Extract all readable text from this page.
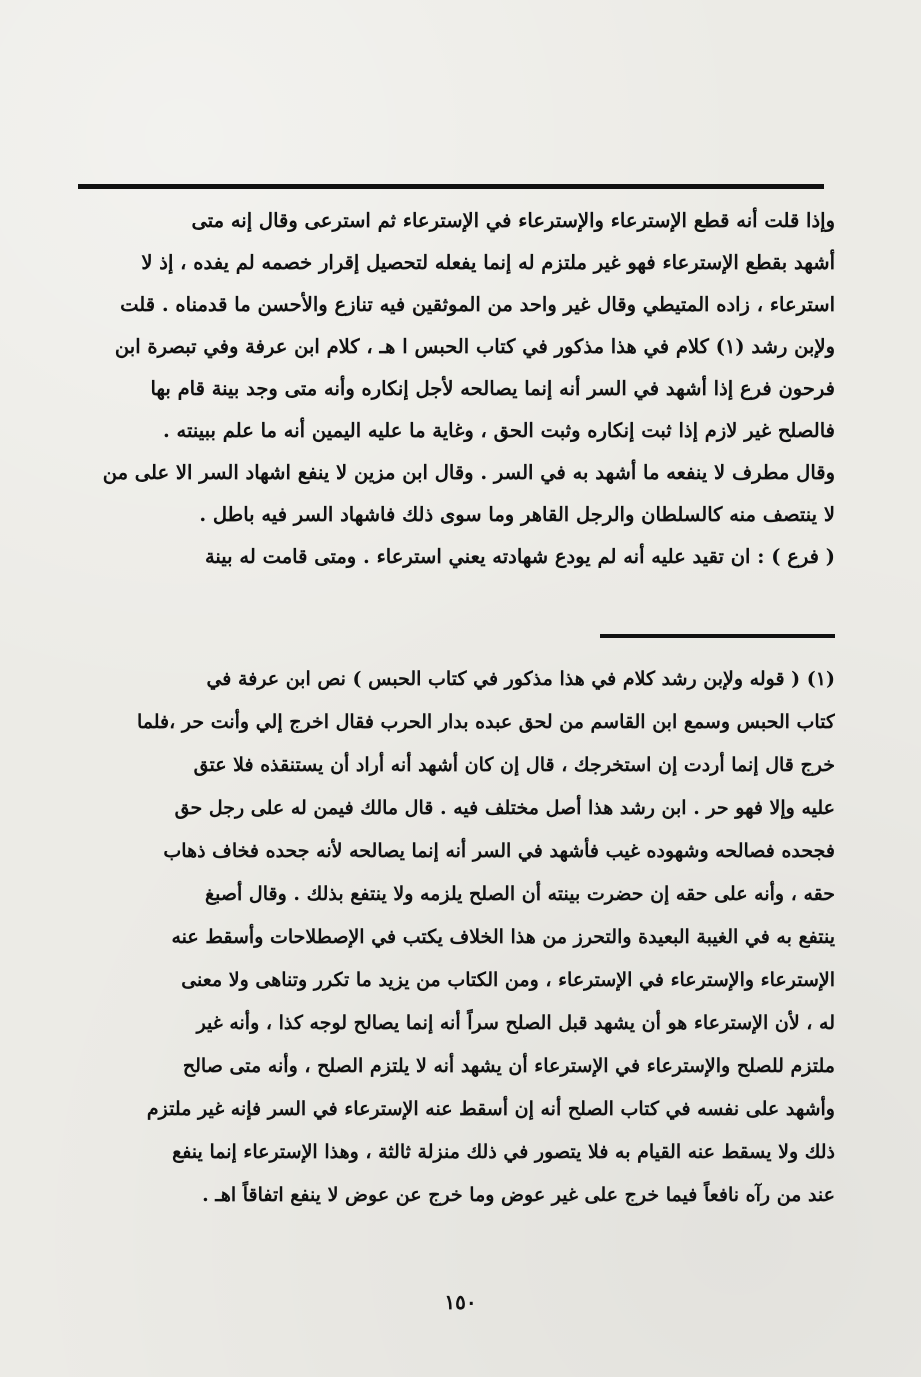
وإذا قلت أنه قطع الإسترعاء والإسترعاء في الإسترعاء ثم استرعى وقال إنه متى
أشهد بقطع الإسترعاء فهو غير ملتزم له إنما يفعله لتحصيل إقرار خصمه لم يفده ، إذ لا
استرعاء ، زاده المتيطي وقال غير واحد من الموثقين فيه تنازع والأحسن ما قدمناه . قلت
ولإبن رشد (١) كلام في هذا مذكور في كتاب الحبس ا هـ ، كلام ابن عرفة وفي تبصرة ابن
فرحون فرع إذا أشهد في السر أنه إنما يصالحه لأجل إنكاره وأنه متى وجد بينة قام بها
فالصلح غير لازم إذا ثبت إنكاره وثبت الحق ، وغاية ما عليه اليمين أنه ما علم ببينته .
وقال مطرف لا ينفعه ما أشهد به في السر . وقال ابن مزين لا ينفع اشهاد السر الا على من
لا ينتصف منه كالسلطان والرجل القاهر وما سوى ذلك فاشهاد السر فيه باطل .
( فرع ) : ان تقيد عليه أنه لم يودع شهادته يعني استرعاء . ومتى قامت له بينة
(١) ( قوله ولإبن رشد كلام في هذا مذكور في كتاب الحبس ) نص ابن عرفة في
كتاب الحبس وسمع ابن القاسم من لحق عبده بدار الحرب فقال اخرج إلي وأنت حر ،فلما
خرج قال إنما أردت إن استخرجك ، قال إن كان أشهد أنه أراد أن يستنقذه فلا عتق
عليه وإلا فهو حر . ابن رشد هذا أصل مختلف فيه . قال مالك فيمن له على رجل حق
فجحده فصالحه وشهوده غيب فأشهد في السر أنه إنما يصالحه لأنه جحده فخاف ذهاب
حقه ، وأنه على حقه إن حضرت بينته أن الصلح يلزمه ولا ينتفع بذلك . وقال أصبغ
ينتفع به في الغيبة البعيدة والتحرز من هذا الخلاف يكتب في الإصطلاحات وأسقط عنه
الإسترعاء والإسترعاء في الإسترعاء ، ومن الكتاب من يزيد ما تكرر وتناهى ولا معنى
له ، لأن الإسترعاء هو أن يشهد قبل الصلح سراً أنه إنما يصالح لوجه كذا ، وأنه غير
ملتزم للصلح والإسترعاء في الإسترعاء أن يشهد أنه لا يلتزم الصلح ، وأنه متى صالح
وأشهد على نفسه في كتاب الصلح أنه إن أسقط عنه الإسترعاء في السر فإنه غير ملتزم
ذلك ولا يسقط عنه القيام به فلا يتصور في ذلك منزلة ثالثة ، وهذا الإسترعاء إنما ينفع
عند من رآه نافعاً فيما خرج على غير عوض وما خرج عن عوض لا ينفع اتفاقاً اهـ .
١٥٠
